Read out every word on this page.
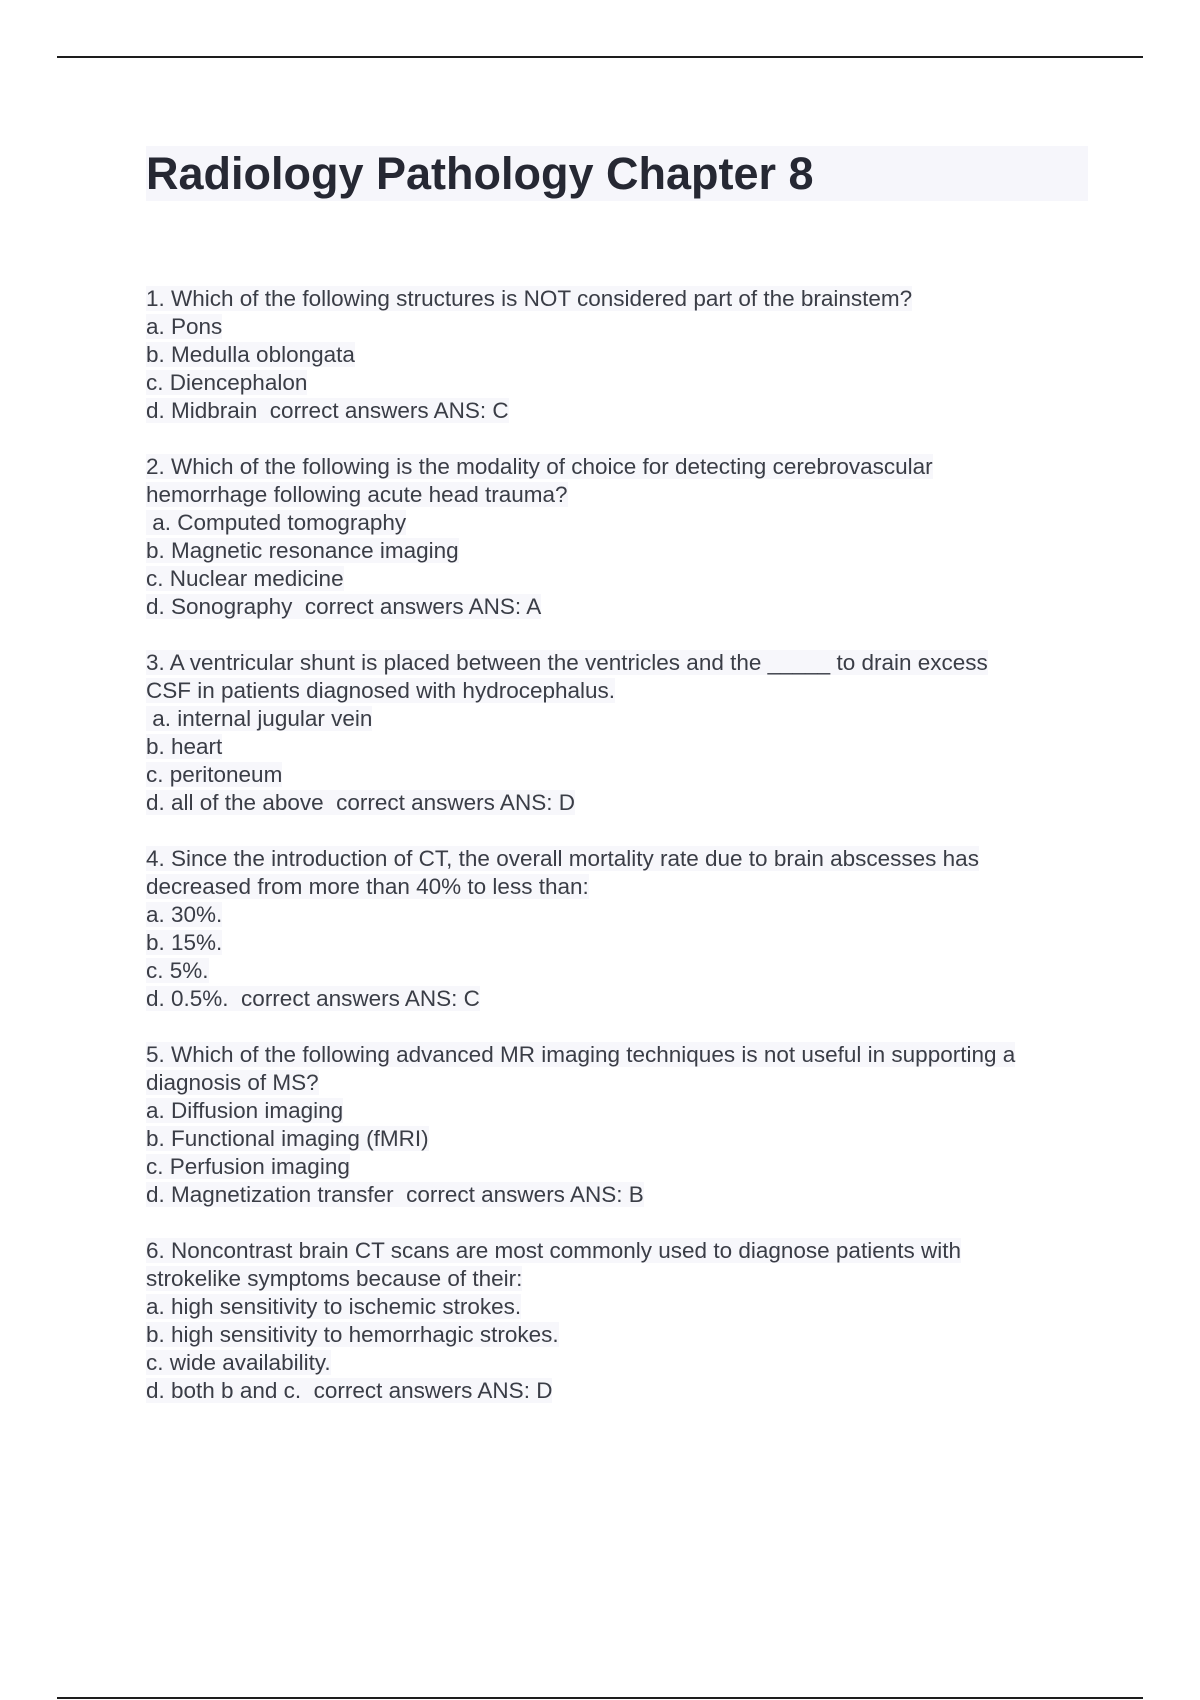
Radiology Pathology Chapter 8
1. Which of the following structures is NOT considered part of the brainstem?
a. Pons
b. Medulla oblongata
c. Diencephalon
d. Midbrain  correct answers ANS: C
2. Which of the following is the modality of choice for detecting cerebrovascular
hemorrhage following acute head trauma?
a. Computed tomography
b. Magnetic resonance imaging
c. Nuclear medicine
d. Sonography  correct answers ANS: A
3. A ventricular shunt is placed between the ventricles and the _____ to drain excess
CSF in patients diagnosed with hydrocephalus.
a. internal jugular vein
b. heart
c. peritoneum
d. all of the above  correct answers ANS: D
4. Since the introduction of CT, the overall mortality rate due to brain abscesses has
decreased from more than 40% to less than:
a. 30%.
b. 15%.
c. 5%.
d. 0.5%.  correct answers ANS: C
5. Which of the following advanced MR imaging techniques is not useful in supporting a
diagnosis of MS?
a. Diffusion imaging
b. Functional imaging (fMRI)
c. Perfusion imaging
d. Magnetization transfer  correct answers ANS: B
6. Noncontrast brain CT scans are most commonly used to diagnose patients with
strokelike symptoms because of their:
a. high sensitivity to ischemic strokes.
b. high sensitivity to hemorrhagic strokes.
c. wide availability.
d. both b and c.  correct answers ANS: D
